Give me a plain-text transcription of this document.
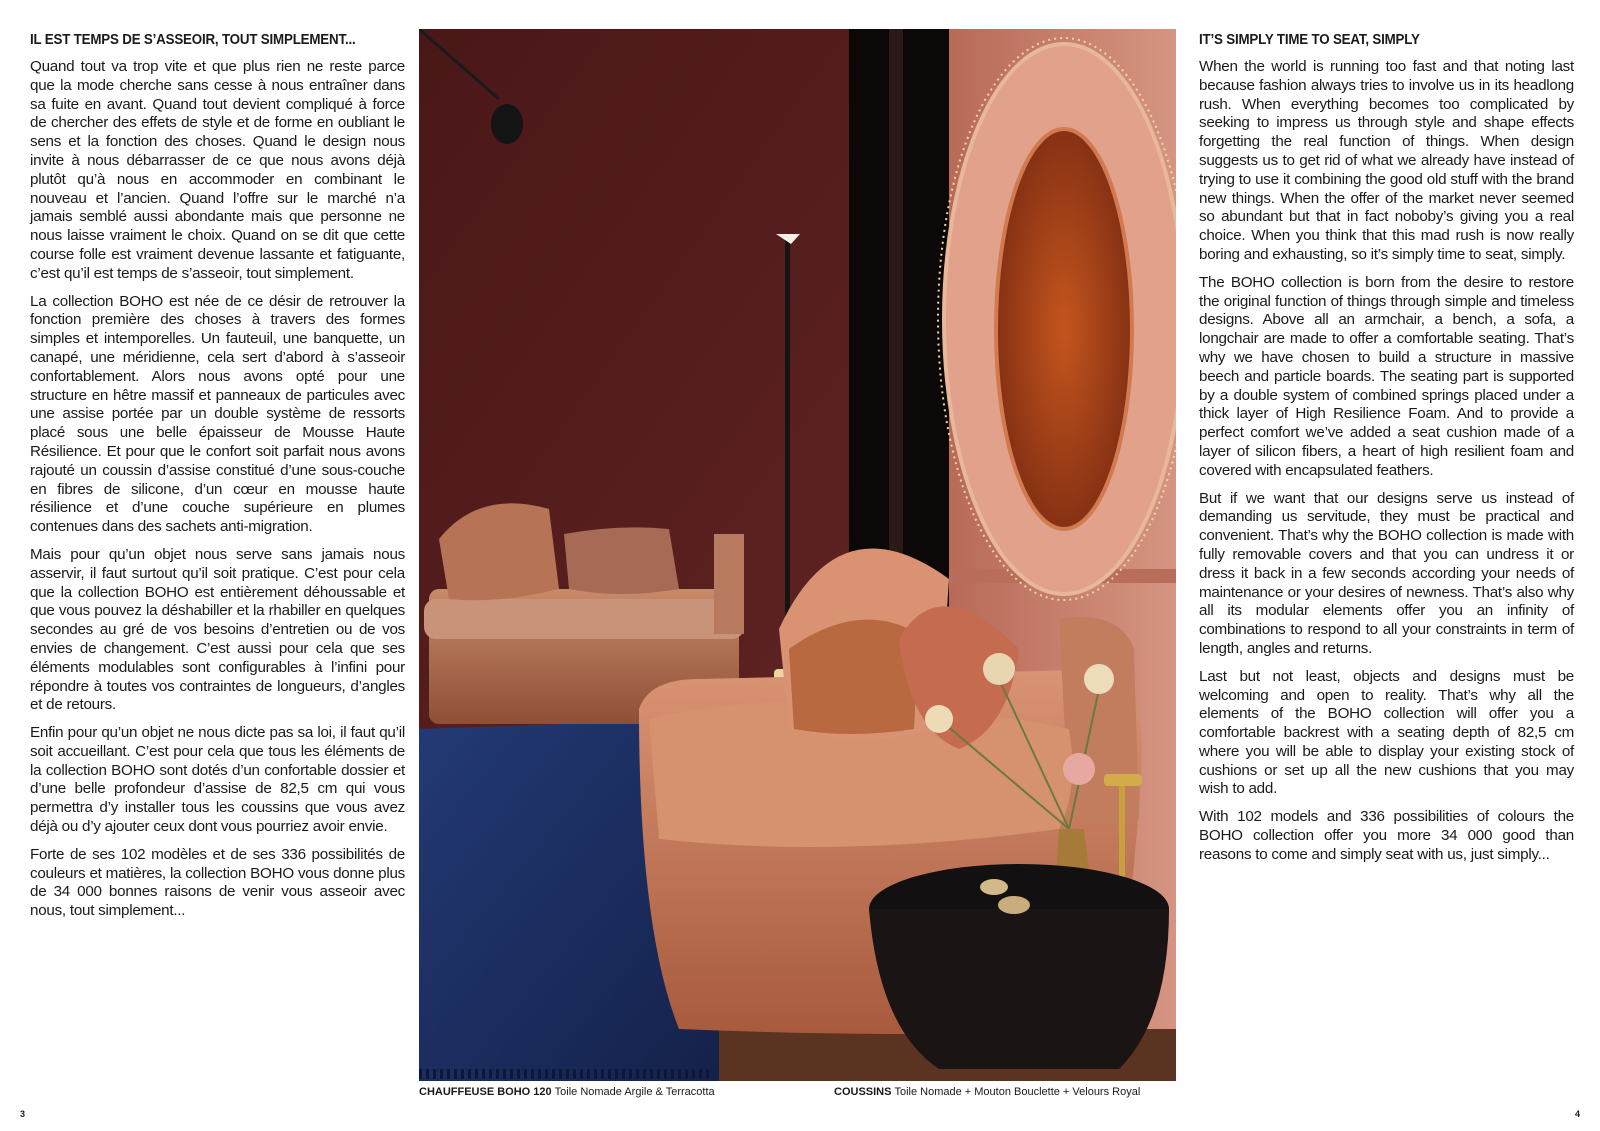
IL EST TEMPS DE S’ASSEOIR, TOUT SIMPLEMENT...

Quand tout va trop vite et que plus rien ne reste parce que la mode cherche sans cesse à nous entraîner dans sa fuite en avant. Quand tout devient compliqué à force de chercher des effets de style et de forme en oubliant le sens et la fonction des choses. Quand le design nous invite à nous débarrasser de ce que nous avons déjà plutôt qu’à nous en accommoder en combinant le nouveau et l’ancien. Quand l’offre sur le marché n’a jamais semblé aussi abondante mais que personne ne nous laisse vraiment le choix. Quand on se dit que cette course folle est vraiment devenue lassante et fatiguante, c’est qu’il est temps de s’asseoir, tout simplement.

La collection BOHO est née de ce désir de retrouver la fonction première des choses à travers des formes simples et intemporelles. Un fauteuil, une banquette, un canapé, une méridienne, cela sert d’abord à s’asseoir confortablement. Alors nous avons opté pour une structure en hêtre massif et panneaux de particules avec une assise portée par un double système de ressorts placé sous une belle épaisseur de Mousse Haute Résilience. Et pour que le confort soit parfait nous avons rajouté un coussin d’assise constitué d’une sous-couche en fibres de silicone, d’un cœur en mousse haute résilience et d’une couche supérieure en plumes contenues dans des sachets anti-migration.

Mais pour qu’un objet nous serve sans jamais nous asservir, il faut surtout qu’il soit pratique. C’est pour cela que la collection BOHO est entièrement déhoussable et que vous pouvez la déshabiller et la rhabiller en quelques secondes au gré de vos besoins d’entretien ou de vos envies de changement. C’est aussi pour cela que ses éléments modulables sont configurables à l’infini pour répondre à toutes vos contraintes de longueurs, d’angles et de retours.

Enfin pour qu’un objet ne nous dicte pas sa loi, il faut qu’il soit accueillant. C’est pour cela que tous les éléments de la collection BOHO sont dotés d’un confortable dossier et d’une belle profondeur d’assise de 82,5 cm qui vous permettra d’y installer tous les coussins que vous avez déjà ou d’y ajouter ceux dont vous pourriez avoir envie.

Forte de ses 102 modèles et de ses 336 possibilités de couleurs et matières, la collection BOHO vous donne plus de 34 000 bonnes raisons de venir vous asseoir avec nous, tout simplement...

IT’S SIMPLY TIME TO SEAT, SIMPLY

When the world is running too fast and that noting last because fashion always tries to involve us in its headlong rush. When everything becomes too complicated by seeking to impress us through style and shape effects forgetting the real function of things. When design suggests us to get rid of what we already have instead of trying to use it combining the good old stuff with the brand new things. When the offer of the market never seemed so abundant but that in fact noboby’s giving you a real choice. When you think that this mad rush is now really boring and exhausting, so it’s simply time to seat, simply.

The BOHO collection is born from the desire to restore the original function of things through simple and timeless designs. Above all an armchair, a bench, a sofa, a longchair are made to offer a comfortable seating. That’s why we have chosen to build a structure in massive beech and particle boards. The seating part is supported by a double system of combined springs placed under a thick layer of High Resilience Foam. And to provide a perfect comfort we’ve added a seat cushion made of a layer of silicon fibers, a heart of high resilient foam and covered with encapsulated feathers.

But if we want that our designs serve us instead of demanding us servitude, they must be practical and convenient. That’s why the BOHO collection is made with fully removable covers and that you can undress it or dress it back in a few seconds according your needs of maintenance or your desires of newness. That’s also why all its modular elements offer you an infinity of combinations to respond to all your constraints in term of length, angles and returns.

Last but not least, objects and designs must be welcoming and open to reality. That’s why all the elements of the BOHO collection will offer you a comfortable backrest with a seating depth of 82,5 cm where you will be able to display your existing stock of cushions or set up all the new cushions that you may wish to add.

With 102 models and 336 possibilities of colours the BOHO collection offer you more 34 000 good than reasons to come and simply seat with us, just simply...

CHAUFFEUSE BOHO 120 Toile Nomade Argile & Terracotta	COUSSINS Toile Nomade + Mouton Bouclette + Velours Royal
3	4
